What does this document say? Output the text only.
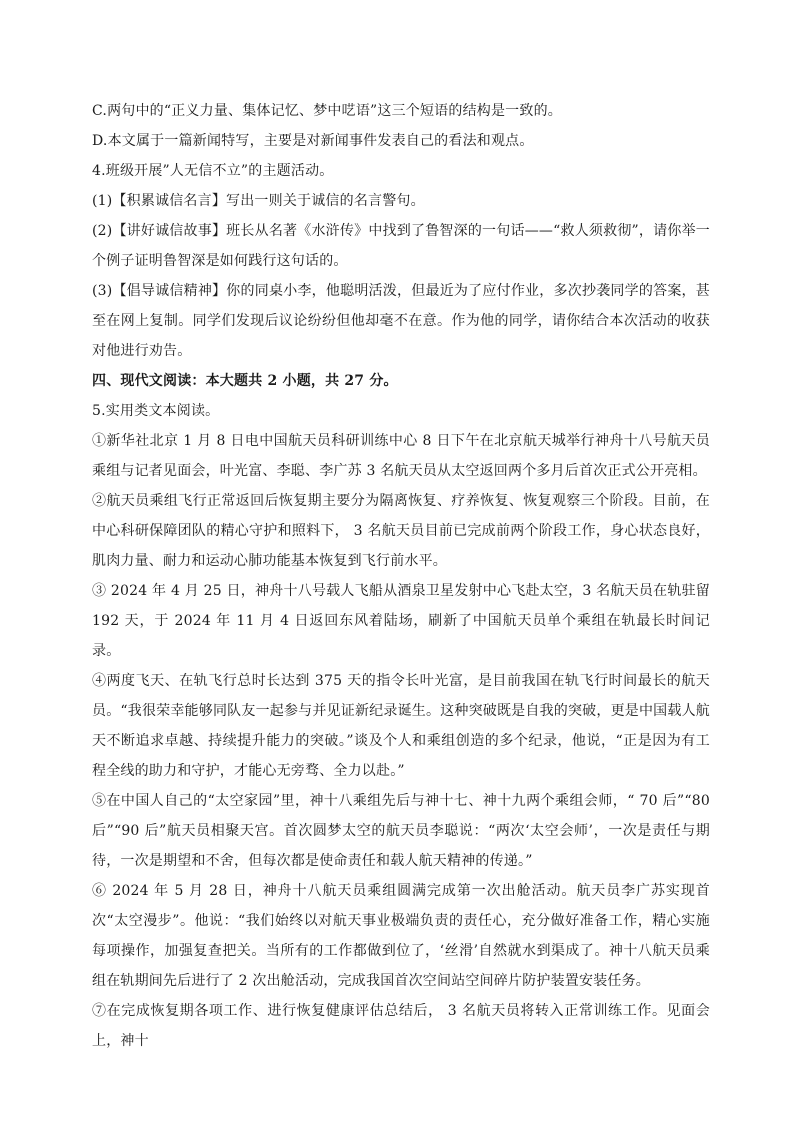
C.两句中的“正义力量、集体记忆、梦中呓语”这三个短语的结构是一致的。

D.本文属于一篇新闻特写，主要是对新闻事件发表自己的看法和观点。

4.班级开展”人无信不立”的主题活动。

(1)【积累诚信名言】写出一则关于诚信的名言警句。

(2)【讲好诚信故事】班长从名著《水浒传》中找到了鲁智深的一句话——“救人须救彻”，请你举一个例子证明鲁智深是如何践行这句话的。

(3)【倡导诚信精神】你的同桌小李，他聪明活泼，但最近为了应付作业，多次抄袭同学的答案，甚至在网上复制。同学们发现后议论纷纷但他却毫不在意。作为他的同学，请你结合本次活动的收获对他进行劝告。

四、现代文阅读：本大题共 2 小题，共 27 分。

5.实用类文本阅读。

①新华社北京 1 月 8 日电中国航天员科研训练中心 8 日下午在北京航天城举行神舟十八号航天员乘组与记者见面会，叶光富、李聪、李广苏 3 名航天员从太空返回两个多月后首次正式公开亮相。

②航天员乘组飞行正常返回后恢复期主要分为隔离恢复、疗养恢复、恢复观察三个阶段。目前，在中心科研保障团队的精心守护和照料下， 3 名航天员目前已完成前两个阶段工作，身心状态良好，肌肉力量、耐力和运动心肺功能基本恢复到飞行前水平。

③ 2024 年 4 月 25 日，神舟十八号载人飞船从酒泉卫星发射中心飞赴太空，3 名航天员在轨驻留 192 天，于 2024 年 11 月 4 日返回东风着陆场，刷新了中国航天员单个乘组在轨最长时间记录。

④两度飞天、在轨飞行总时长达到 375 天的指令长叶光富，是目前我国在轨飞行时间最长的航天员。“我很荣幸能够同队友一起参与并见证新纪录诞生。这种突破既是自我的突破，更是中国载人航天不断追求卓越、持续提升能力的突破。”谈及个人和乘组创造的多个纪录，他说，“正是因为有工程全线的助力和守护，才能心无旁骛、全力以赴。”

⑤在中国人自己的“太空家园”里，神十八乘组先后与神十七、神十九两个乘组会师，“ 70 后”“80 后”“90 后”航天员相聚天宫。首次圆梦太空的航天员李聪说：“两次‘太空会师’，一次是责任与期待，一次是期望和不舍，但每次都是使命责任和载人航天精神的传递。”

⑥ 2024 年 5 月 28 日，神舟十八航天员乘组圆满完成第一次出舱活动。航天员李广苏实现首次“太空漫步”。他说：“我们始终以对航天事业极端负责的责任心，充分做好准备工作，精心实施每项操作，加强复查把关。当所有的工作都做到位了，‘丝滑’自然就水到渠成了。神十八航天员乘组在轨期间先后进行了 2 次出舱活动，完成我国首次空间站空间碎片防护装置安装任务。

⑦在完成恢复期各项工作、进行恢复健康评估总结后， 3 名航天员将转入正常训练工作。见面会上，神十
